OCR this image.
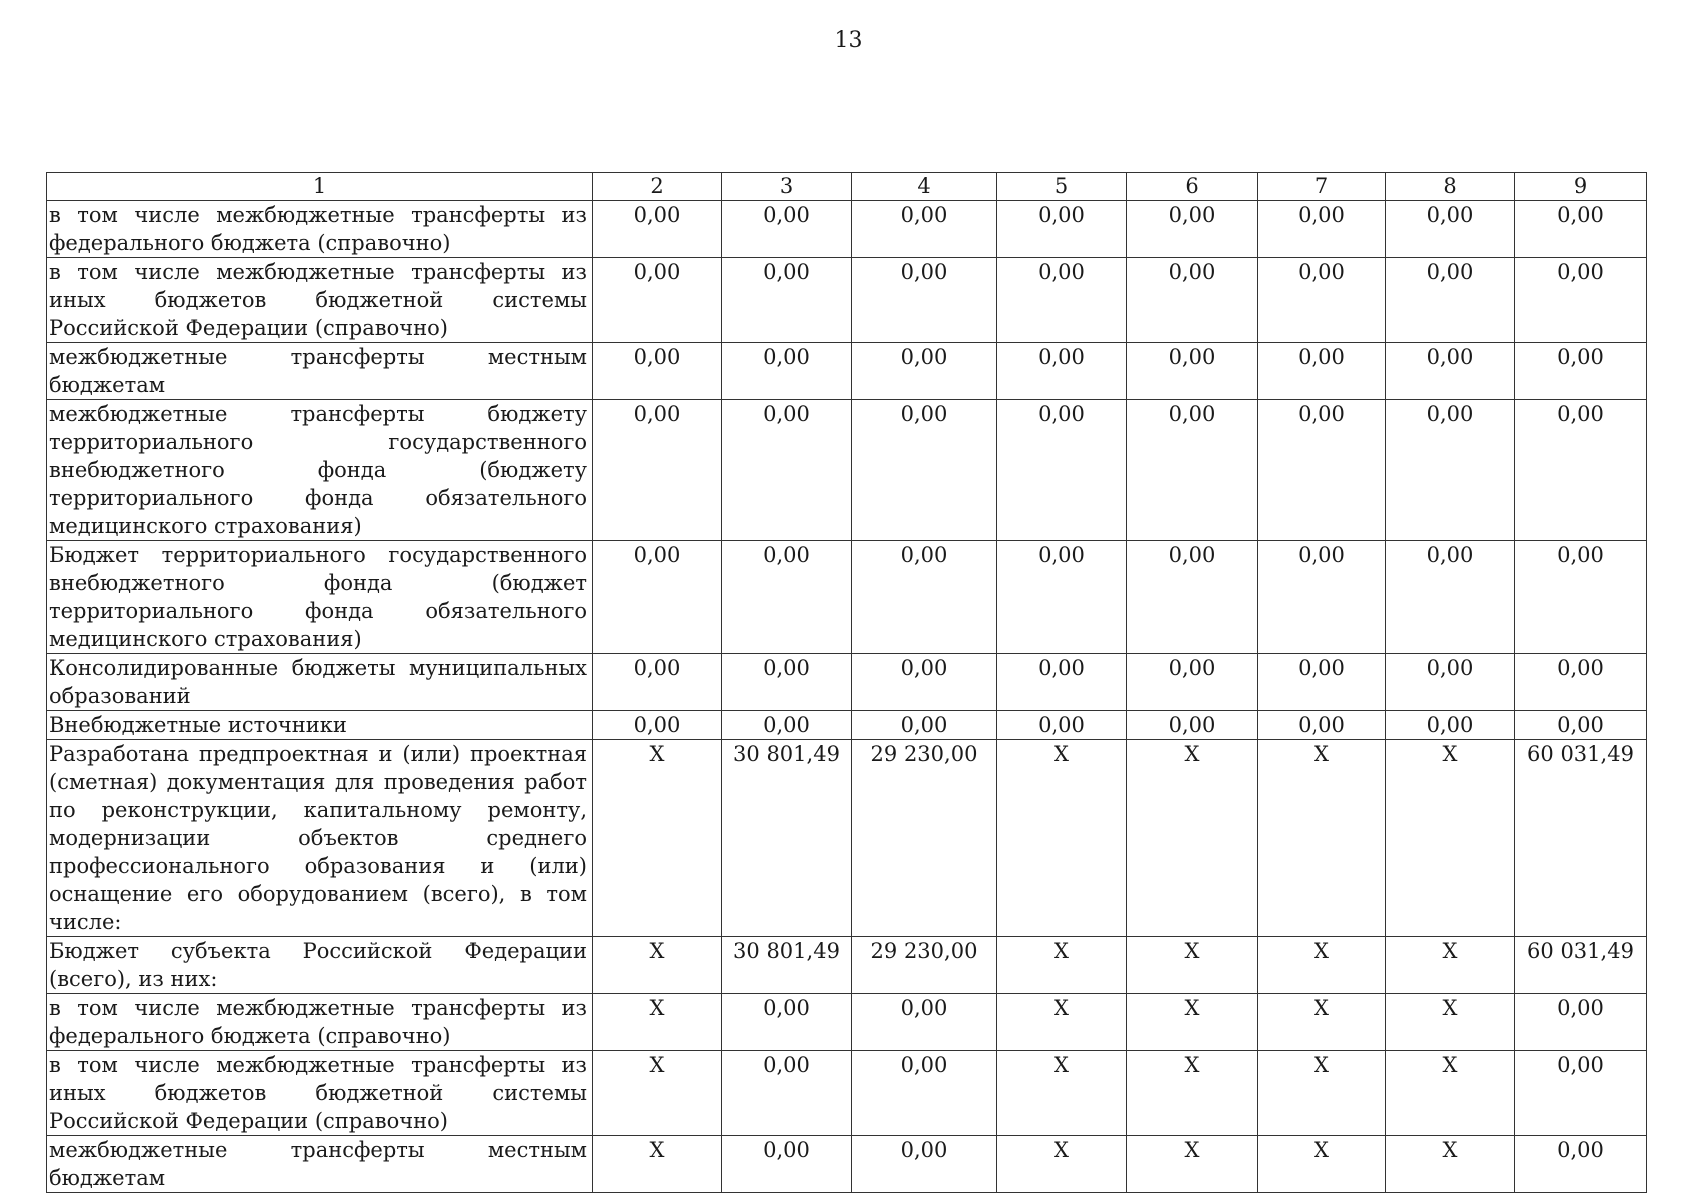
13
1	2	3	4	5	6	7	8	9
в том числе межбюджетные трансферты из федерального бюджета (справочно)	0,00	0,00	0,00	0,00	0,00	0,00	0,00	0,00
в том числе межбюджетные трансферты из иных бюджетов бюджетной системы Российской Федерации (справочно)	0,00	0,00	0,00	0,00	0,00	0,00	0,00	0,00
межбюджетные трансферты местным бюджетам	0,00	0,00	0,00	0,00	0,00	0,00	0,00	0,00
межбюджетные трансферты бюджету территориального государственного внебюджетного фонда (бюджету территориального фонда обязательного медицинского страхования)	0,00	0,00	0,00	0,00	0,00	0,00	0,00	0,00
Бюджет территориального государственного внебюджетного фонда (бюджет территориального фонда обязательного медицинского страхования)	0,00	0,00	0,00	0,00	0,00	0,00	0,00	0,00
Консолидированные бюджеты муниципальных образований	0,00	0,00	0,00	0,00	0,00	0,00	0,00	0,00
Внебюджетные источники	0,00	0,00	0,00	0,00	0,00	0,00	0,00	0,00
Разработана предпроектная и (или) проектная (сметная) документация для проведения работ по реконструкции, капитальному ремонту, модернизации объектов среднего профессионального образования и (или) оснащение его оборудованием (всего), в том числе:	X	30 801,49	29 230,00	X	X	X	X	60 031,49
Бюджет субъекта Российской Федерации (всего), из них:	X	30 801,49	29 230,00	X	X	X	X	60 031,49
в том числе межбюджетные трансферты из федерального бюджета (справочно)	X	0,00	0,00	X	X	X	X	0,00
в том числе межбюджетные трансферты из иных бюджетов бюджетной системы Российской Федерации (справочно)	X	0,00	0,00	X	X	X	X	0,00
межбюджетные трансферты местным бюджетам	X	0,00	0,00	X	X	X	X	0,00
